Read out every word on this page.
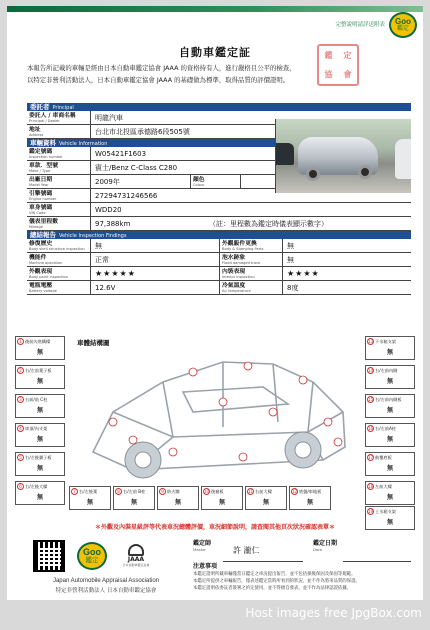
完整說明請詳送附表 Goo
鑑定
自動車鑑定証

本報告所記載的車輛是經由日本自動車鑑定協會 JAAA 的資格持有人，進行嚴格且公平的檢查，

以特定非營利活動法人，日本自動車鑑定協會 JAAA 的基礎做為標準，取得品質的評價證明。

鑑	定
協	會
委託者 Principal
委託人 / 車商名稱
Principal / Dealer	明龍汽車
地址
Address	台北市北投區承德路6段505號
車輛資料 Vehicle Information
鑑定號碼
Inspection number	W05421F1603
車款．型號
Make / Type	賓士/Benz C-Class C280
出廠日期
Model Year	2009年	顏色
Colour
引擎號碼
Engine number	27294731246566
車身號碼
VIN Code	WDD20
儀表里程數
Mileage	97,388km	（註：里程數為鑑定時儀表顯示數字）
總結報告 Vehicle Inspection Findings
修復歷史
Body shell structure inspection	無	外觀鈑件更換
Body & Stamping Parts	無
機能件
Machine operation	正常	泡水跡象
Flood damaged trace	無
外觀表現
Body paint inspection	★★★★★	內裝表現
Interior inspection	★★★★
電瓶電壓
Battery voltage	12.6V	冷氣溫度
Air temperature	8度
車體結構圖
1 後前內底構樑
無
2 右/左前葉子板
無
3 右前/前 C柱
無
4 車頂/內支架
無
5 右/左後翼子板
無
6 右/左後大樑
無
7 右/左後葉
無
8 右/左前 B柱
無
9 防火牆
無
10 後箱板
無
11 右前大樑
無
12 底盤/車地板
無
13 下水箱支架
無
14 右/左前內側
無
15 右/左前內側板
無
16 右/左前A柱
無
17 鼓覆底板
無
18 左前大樑
無
19 上水箱支架
無
＊外觀及內裝星級評等代表車況總體評價，車況細節說明，請查閱其他頁次狀況確認表單＊
Goo
鑑定	JAAA
日本自動車鑑定協會
Japan Automobile Appraisal Association
特定非營利活動法人 日本自動車鑑定協會
鑑定師
Master	許 瀧仁
鑑定日期
Date
注意事項

本鑑定證明所載車輛僅當日鑑定之車況提出報告，並不包括損後保固及保固等規範。

本鑑定所提供之車輛報告，僅表述鑑定當時所看到的狀況，並不作為將來品質的保證。

本鑑定證明依委託者簽署之約定使用，並不得擅自發表，並不作為法律認證依據。

Host images free JpgBox.com
